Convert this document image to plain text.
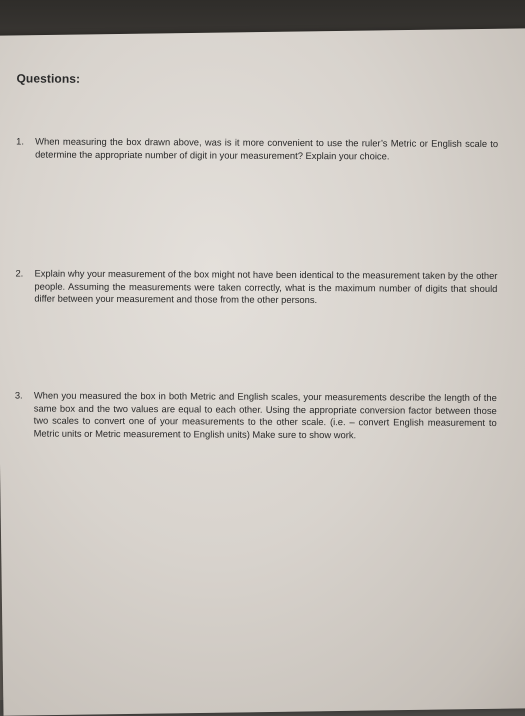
Questions:
1.	When measuring the box drawn above, was is it more convenient to use the ruler’s Metric or English scale to determine the appropriate number of digit in your measurement? Explain your choice.
2.	Explain why your measurement of the box might not have been identical to the measurement taken by the other people. Assuming the measurements were taken correctly, what is the maximum number of digits that should differ between your measurement and those from the other persons.
3.	When you measured the box in both Metric and English scales, your measurements describe the length of the same box and the two values are equal to each other. Using the appropriate conversion factor between those two scales to convert one of your measurements to the other scale. (i.e. – convert English measurement to Metric units or Metric measurement to English units) Make sure to show work.
